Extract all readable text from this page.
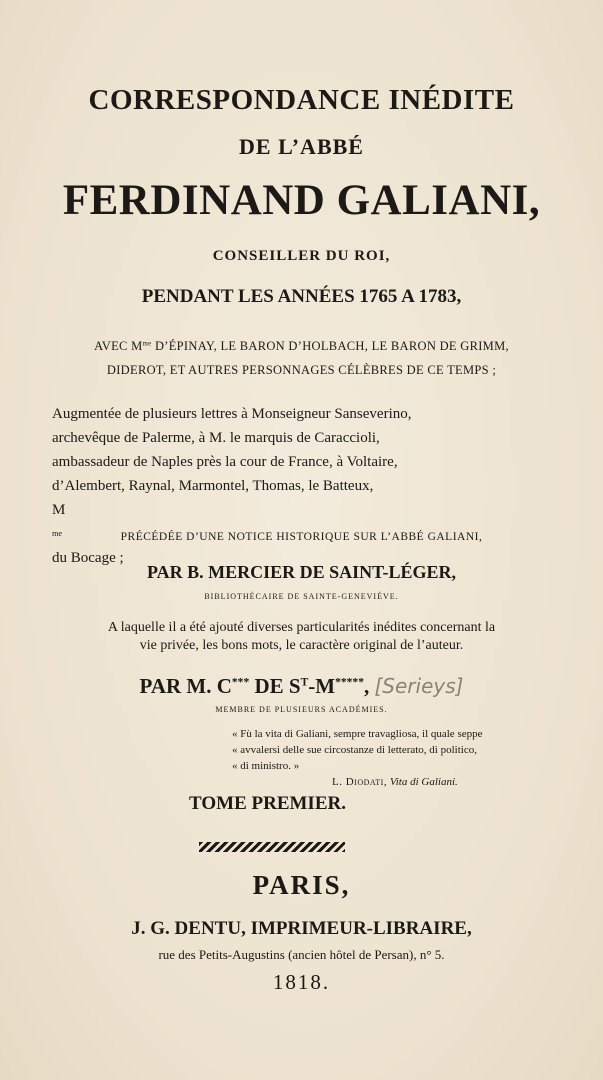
CORRESPONDANCE INÉDITE
DE L’ABBÉ
FERDINAND GALIANI,
CONSEILLER DU ROI,
PENDANT LES ANNÉES 1765 A 1783,
AVEC $M^{me}$ D’ÉPINAY, LE BARON D’HOLBACH, LE BARON DE GRIMM,
DIDEROT, ET AUTRES PERSONNAGES CÉLÈBRES DE CE TEMPS ;
Augmentée de plusieurs lettres à Monseigneur Sanseverino,
archevêque de Palerme, à M. le marquis de Caraccioli,
ambassadeur de Naples près la cour de France, à Voltaire,
d’Alembert, Raynal, Marmontel, Thomas, le Batteux,
M
me
du Bocage ;
PRÉCÉDÉE D’UNE NOTICE HISTORIQUE SUR L’ABBÉ GALIANI,
PAR B. MERCIER DE SAINT-LÉGER,
BIBLIOTHÉCAIRE DE SAINTE-GENEVIÈVE.
A laquelle il a été ajouté diverses particularités inédites concernant la
vie privée, les bons mots, le caractère original de l’auteur.
PAR M. C*** DE $S^T-M^{*****}$, [Serieys]
MEMBRE DE PLUSIEURS ACADÉMIES.
« Fù la vita di Galiani, sempre travagliosa, il quale seppe
« avvalersi delle sue circostanze di letterato, di politico,
« di ministro. »
L. Diodati, Vita di Galiani.
TOME PREMIER.
PARIS,
J. G. DENTU, IMPRIMEUR-LIBRAIRE,
rue des Petits-Augustins (ancien hôtel de Persan), n° 5.
1818.
